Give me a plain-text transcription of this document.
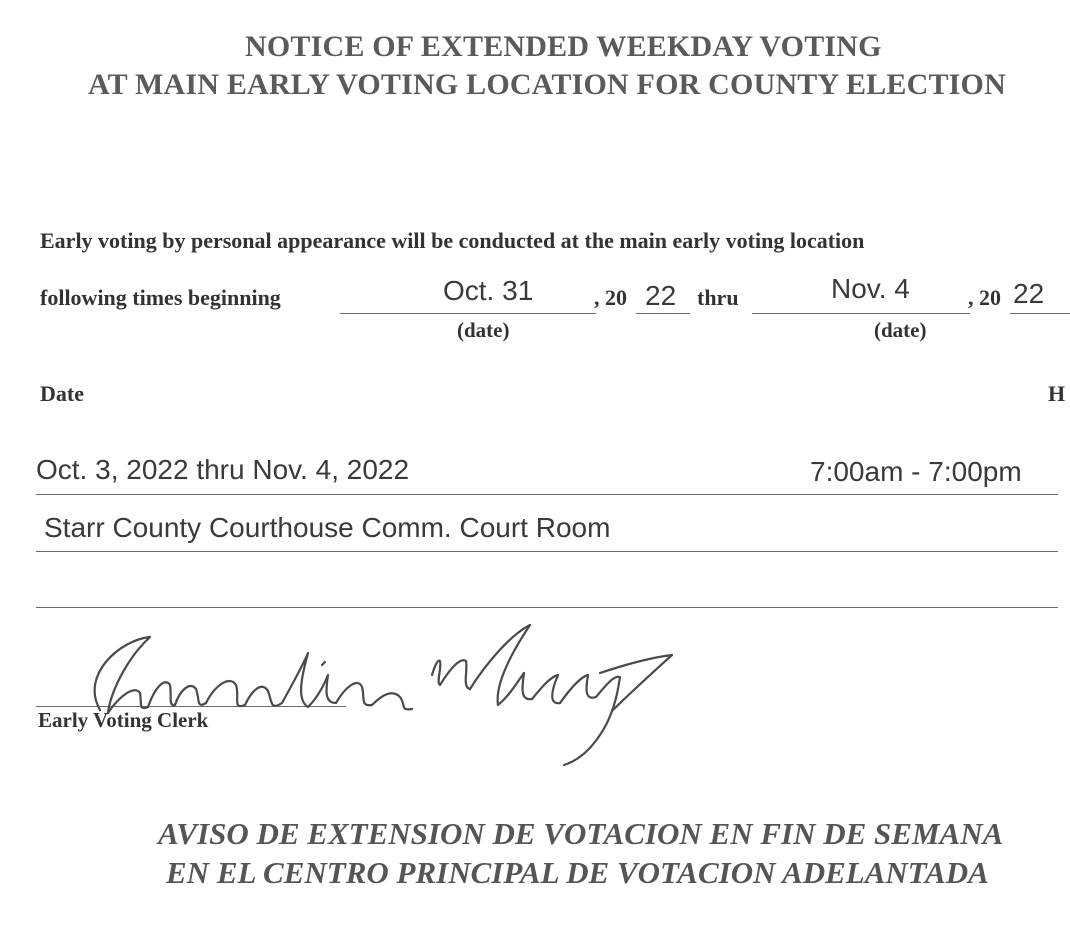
NOTICE OF EXTENDED WEEKDAY VOTING
AT MAIN EARLY VOTING LOCATION FOR COUNTY ELECTION
Early voting by personal appearance will be conducted at the main early voting location
following times beginning	Oct. 31	, 20 22 thru	Nov. 4	, 20 22
(date)	(date)
Date	H
Oct. 3, 2022 thru Nov. 4, 2022	7:00am - 7:00pm
Starr County Courthouse Comm. Court Room
Early Voting Clerk
AVISO DE EXTENSION DE VOTACION EN FIN DE SEMANA
EN EL CENTRO PRINCIPAL DE VOTACION ADELANTADA
